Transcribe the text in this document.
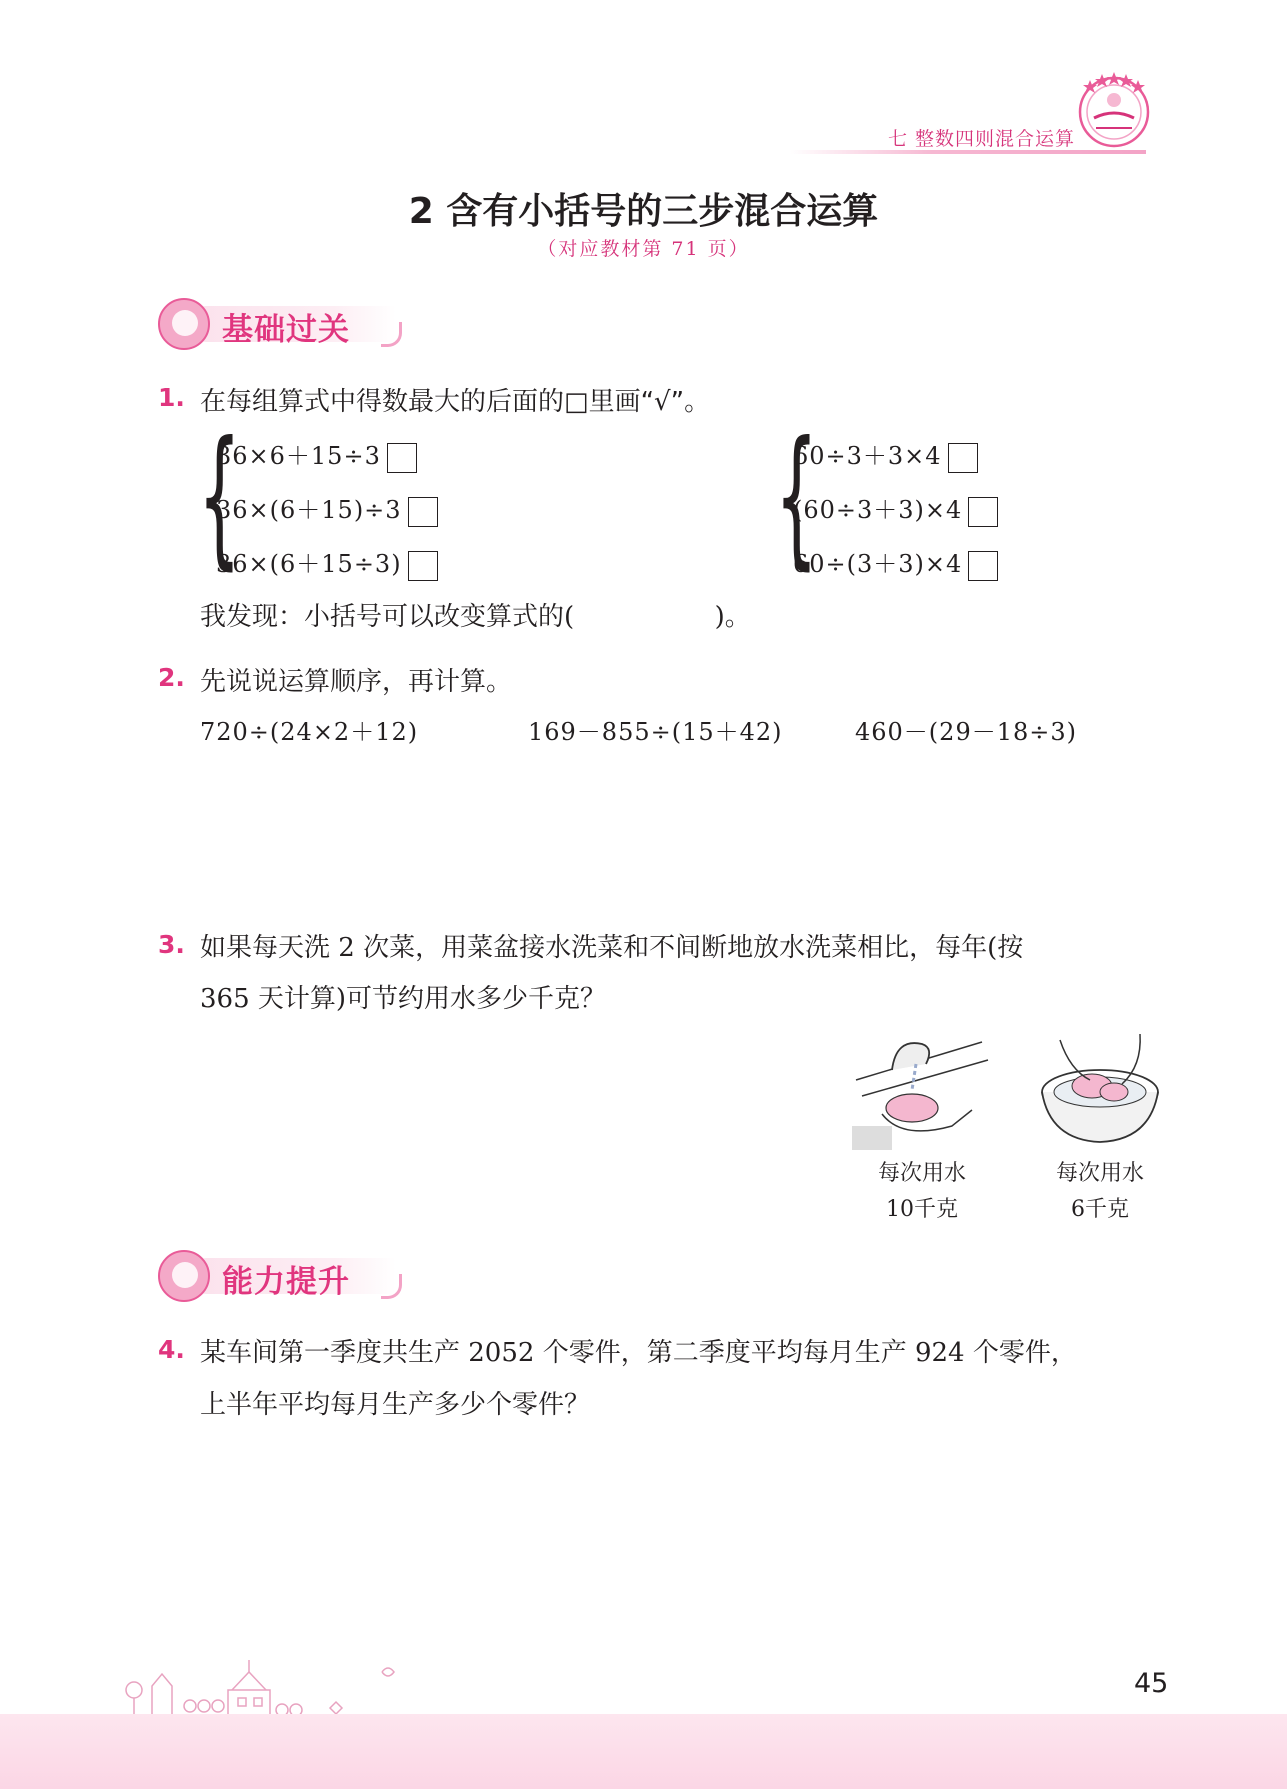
七 整数四则混合运算
2 含有小括号的三步混合运算
（对应教材第 71 页）
基础过关
1. 在每组算式中得数最大的后面的□里画“√”。
{
36×6＋15÷3
36×(6＋15)÷3
36×(6＋15÷3) {
60÷3＋3×4
(60÷3＋3)×4
60÷(3＋3)×4
我发现：小括号可以改变算式的(                 )。
2. 先说说运算顺序，再计算。
720÷(24×2＋12)	169－855÷(15＋42)	460－(29－18÷3)
3. 如果每天洗 2 次菜，用菜盆接水洗菜和不间断地放水洗菜相比，每年(按
365 天计算)可节约用水多少千克？
每次用水
10千克
每次用水
6千克
能力提升
4. 某车间第一季度共生产 2052 个零件，第二季度平均每月生产 924 个零件，
上半年平均每月生产多少个零件？
45
